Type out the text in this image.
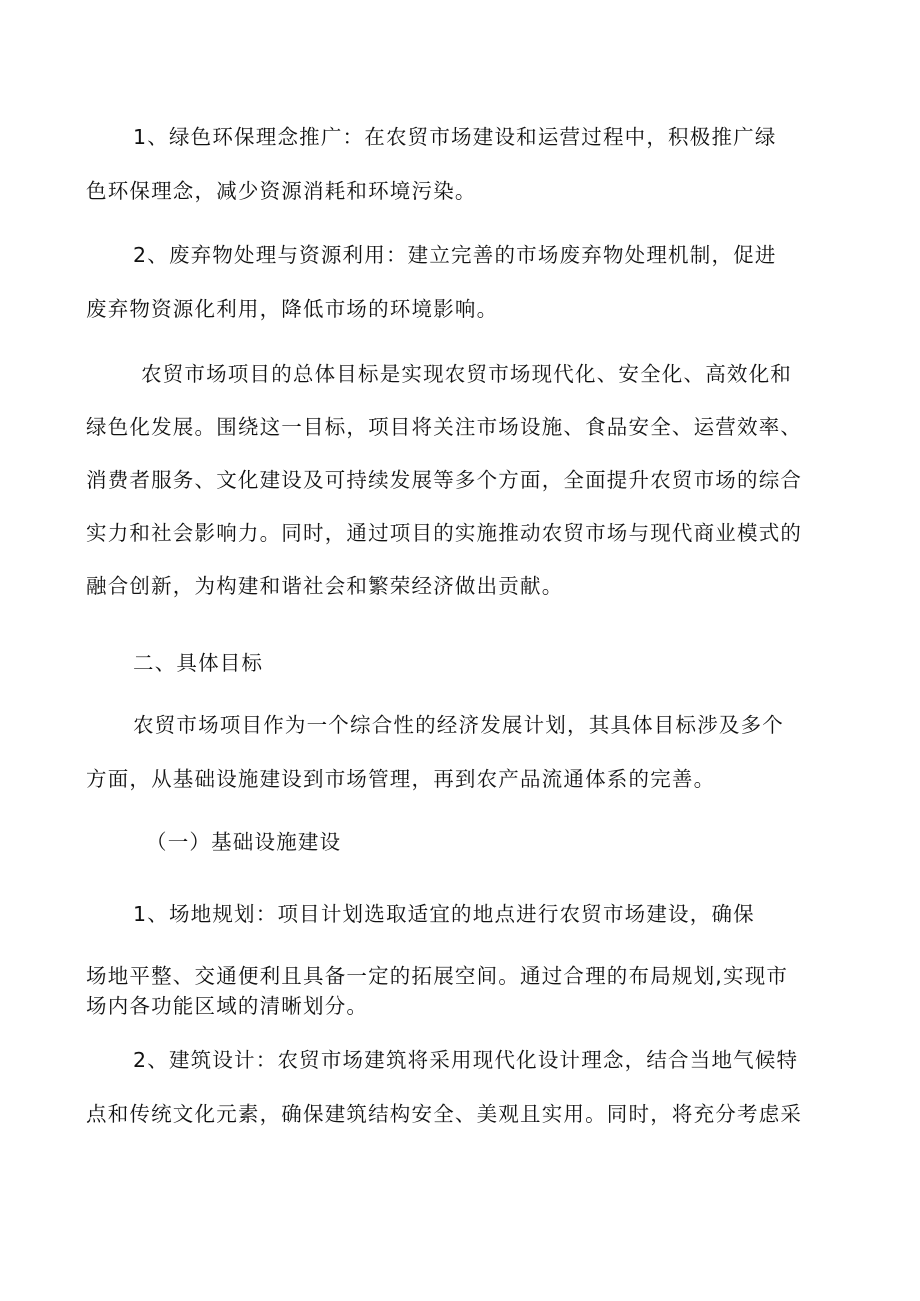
1、绿色环保理念推广：在农贸市场建设和运营过程中，积极推广绿
色环保理念，减少资源消耗和环境污染。
2、废弃物处理与资源利用：建立完善的市场废弃物处理机制，促进
废弃物资源化利用，降低市场的环境影响。
农贸市场项目的总体目标是实现农贸市场现代化、安全化、高效化和
绿色化发展。围绕这一目标，项目将关注市场设施、食品安全、运营效率、
消费者服务、文化建设及可持续发展等多个方面，全面提升农贸市场的综合
实力和社会影响力。同时，通过项目的实施推动农贸市场与现代商业模式的
融合创新，为构建和谐社会和繁荣经济做出贡献。
二、具体目标
农贸市场项目作为一个综合性的经济发展计划，其具体目标涉及多个
方面，从基础设施建设到市场管理，再到农产品流通体系的完善。
（一）基础设施建设
1、场地规划：项目计划选取适宜的地点进行农贸市场建设，确保
场地平整、交通便利且具备一定的拓展空间。通过合理的布局规划,实现市
场内各功能区域的清晰划分。
2、建筑设计：农贸市场建筑将采用现代化设计理念，结合当地气候特
点和传统文化元素，确保建筑结构安全、美观且实用。同时，将充分考虑采
